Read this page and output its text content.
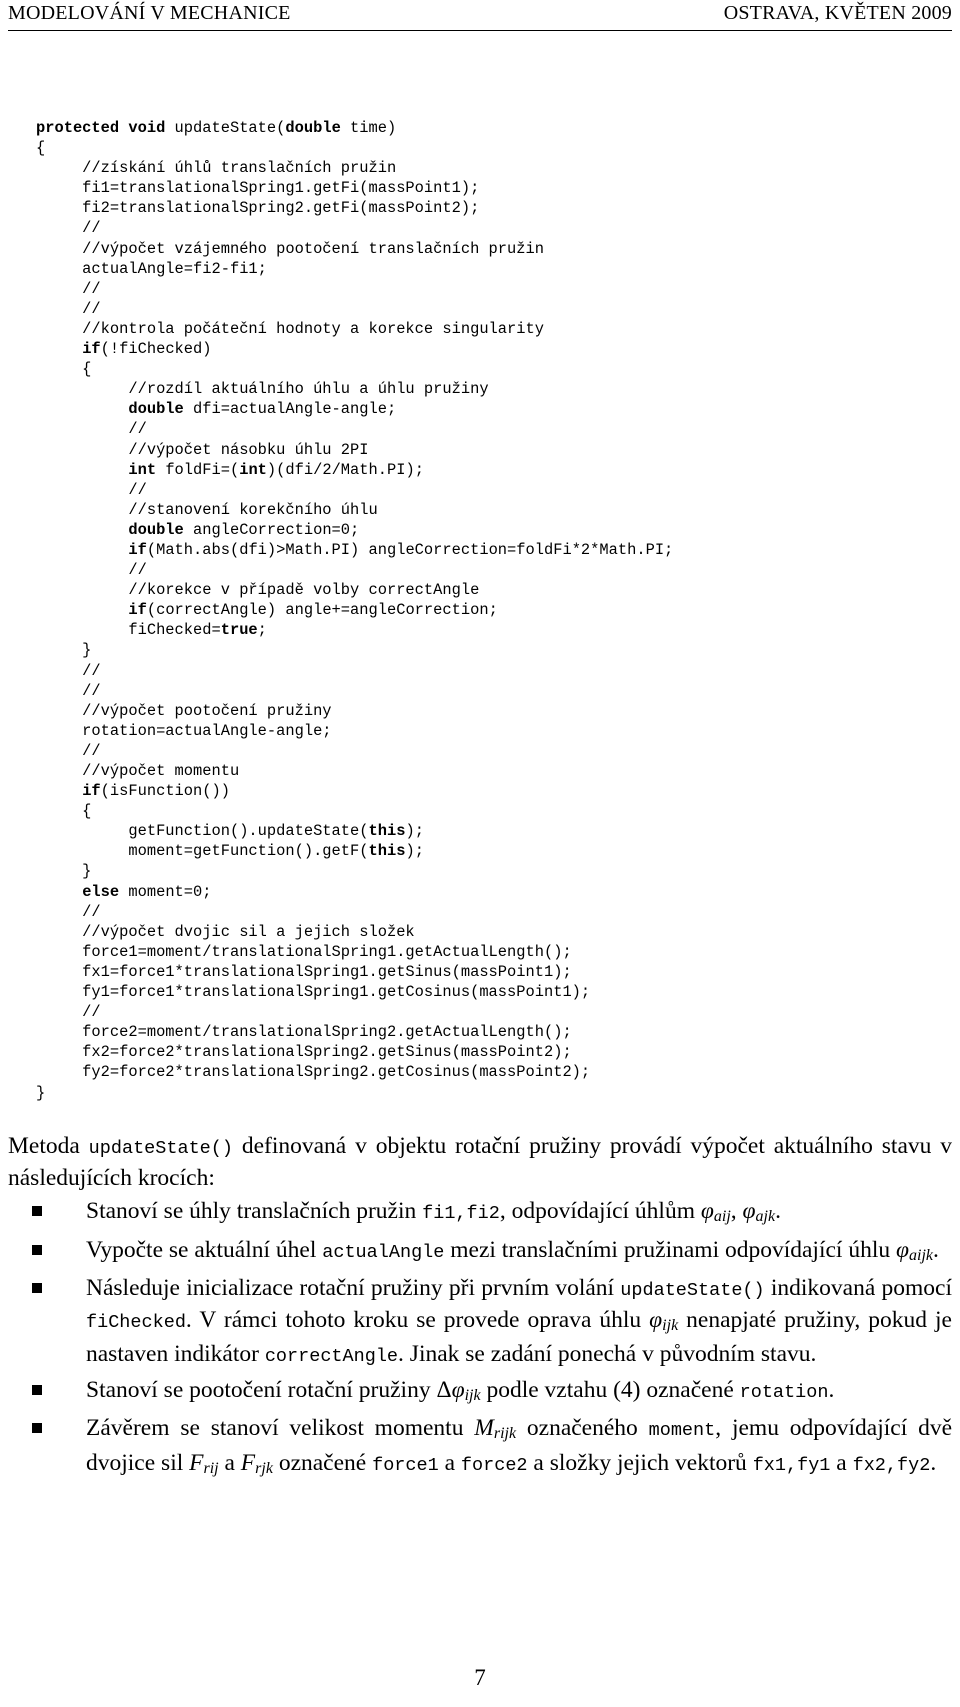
MODELOVÁNÍ V MECHANICE	OSTRAVA, KVĚTEN 2009
protected void updateState(double time)
{
//získání úhlů translačních pružin
fi1=translationalSpring1.getFi(massPoint1);
fi2=translationalSpring2.getFi(massPoint2);
//
//výpočet vzájemného pootočení translačních pružin
actualAngle=fi2-fi1;
//
//
//kontrola počáteční hodnoty a korekce singularity
if(!fiChecked)
{
//rozdíl aktuálního úhlu a úhlu pružiny
double dfi=actualAngle-angle;
//
//výpočet násobku úhlu 2PI
int foldFi=(int)(dfi/2/Math.PI);
//
//stanovení korekčního úhlu
double angleCorrection=0;
if(Math.abs(dfi)>Math.PI) angleCorrection=foldFi*2*Math.PI;
//
//korekce v případě volby correctAngle
if(correctAngle) angle+=angleCorrection;
fiChecked=true;
}
//
//
//výpočet pootočení pružiny
rotation=actualAngle-angle;
//
//výpočet momentu
if(isFunction())
{
getFunction().updateState(this);
moment=getFunction().getF(this);
}
else moment=0;
//
//výpočet dvojic sil a jejich složek
force1=moment/translationalSpring1.getActualLength();
fx1=force1*translationalSpring1.getSinus(massPoint1);
fy1=force1*translationalSpring1.getCosinus(massPoint1);
//
force2=moment/translationalSpring2.getActualLength();
fx2=force2*translationalSpring2.getSinus(massPoint2);
fy2=force2*translationalSpring2.getCosinus(massPoint2);
}

Metoda updateState() definovaná v objektu rotační pružiny provádí výpočet aktuálního stavu v následujících krocích:

Stanoví se úhly translačních pružin fi1,fi2, odpovídající úhlům $\varphi_{aij}$, $\varphi_{ajk}$.
Vypočte se aktuální úhel actualAngle mezi translačními pružinami odpovídající úhlu $\varphi_{aijk}$.
Následuje inicializace rotační pružiny při prvním volání updateState() indikovaná pomocí fiChecked. V rámci tohoto kroku se provede oprava úhlu $\varphi_{ijk}$ nenapjaté pružiny, pokud je nastaven indikátor correctAngle. Jinak se zadání ponechá v původním stavu.
Stanoví se pootočení rotační pružiny $\Delta\varphi_{ijk}$ podle vztahu (4) označené rotation.
Závěrem se stanoví velikost momentu $M_{rijk}$ označeného moment, jemu odpovídající dvě dvojice sil $F_{rij}$ a $F_{rjk}$ označené force1 a force2 a složky jejich vektorů fx1,fy1 a fx2,fy2.
7
